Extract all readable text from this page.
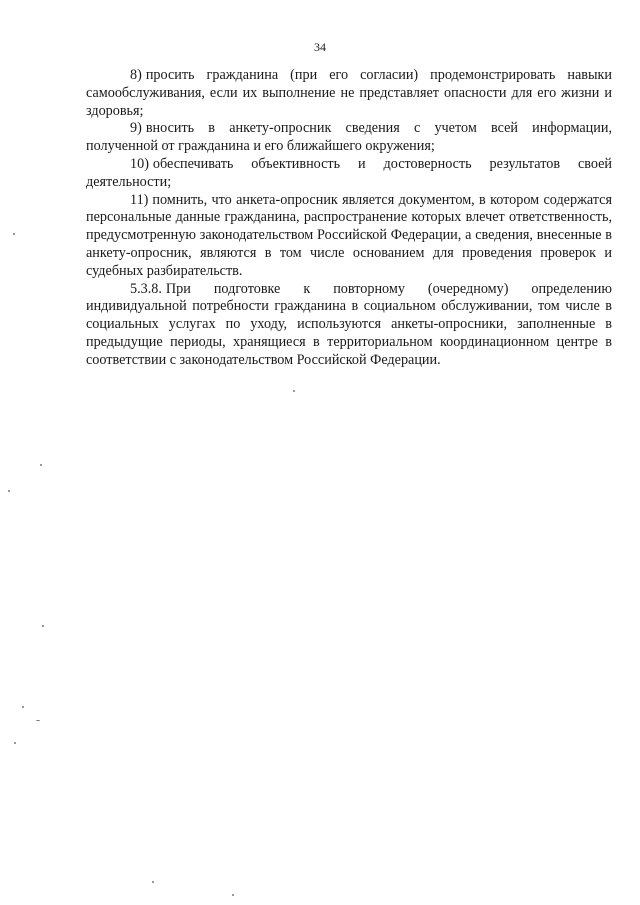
34

8) просить гражданина (при его согласии) продемонстрировать навыки самообслуживания, если их выполнение не представляет опасности для его жизни и здоровья;

9) вносить в анкету-опросник сведения с учетом всей информации, полученной от гражданина и его ближайшего окружения;

10) обеспечивать объективность и достоверность результатов своей деятельности;

11) помнить, что анкета-опросник является документом, в котором содержатся персональные данные гражданина, распространение которых влечет ответственность, предусмотренную законодательством Российской Федерации, а сведения, внесенные в анкету-опросник, являются в том числе основанием для проведения проверок и судебных разбирательств.

5.3.8. При подготовке к повторному (очередному) определению индивидуальной потребности гражданина в социальном обслуживании, том числе в социальных услугах по уходу, используются анкеты-опросники, заполненные в предыдущие периоды, хранящиеся в территориальном координационном центре в соответствии с законодательством Российской Федерации.
